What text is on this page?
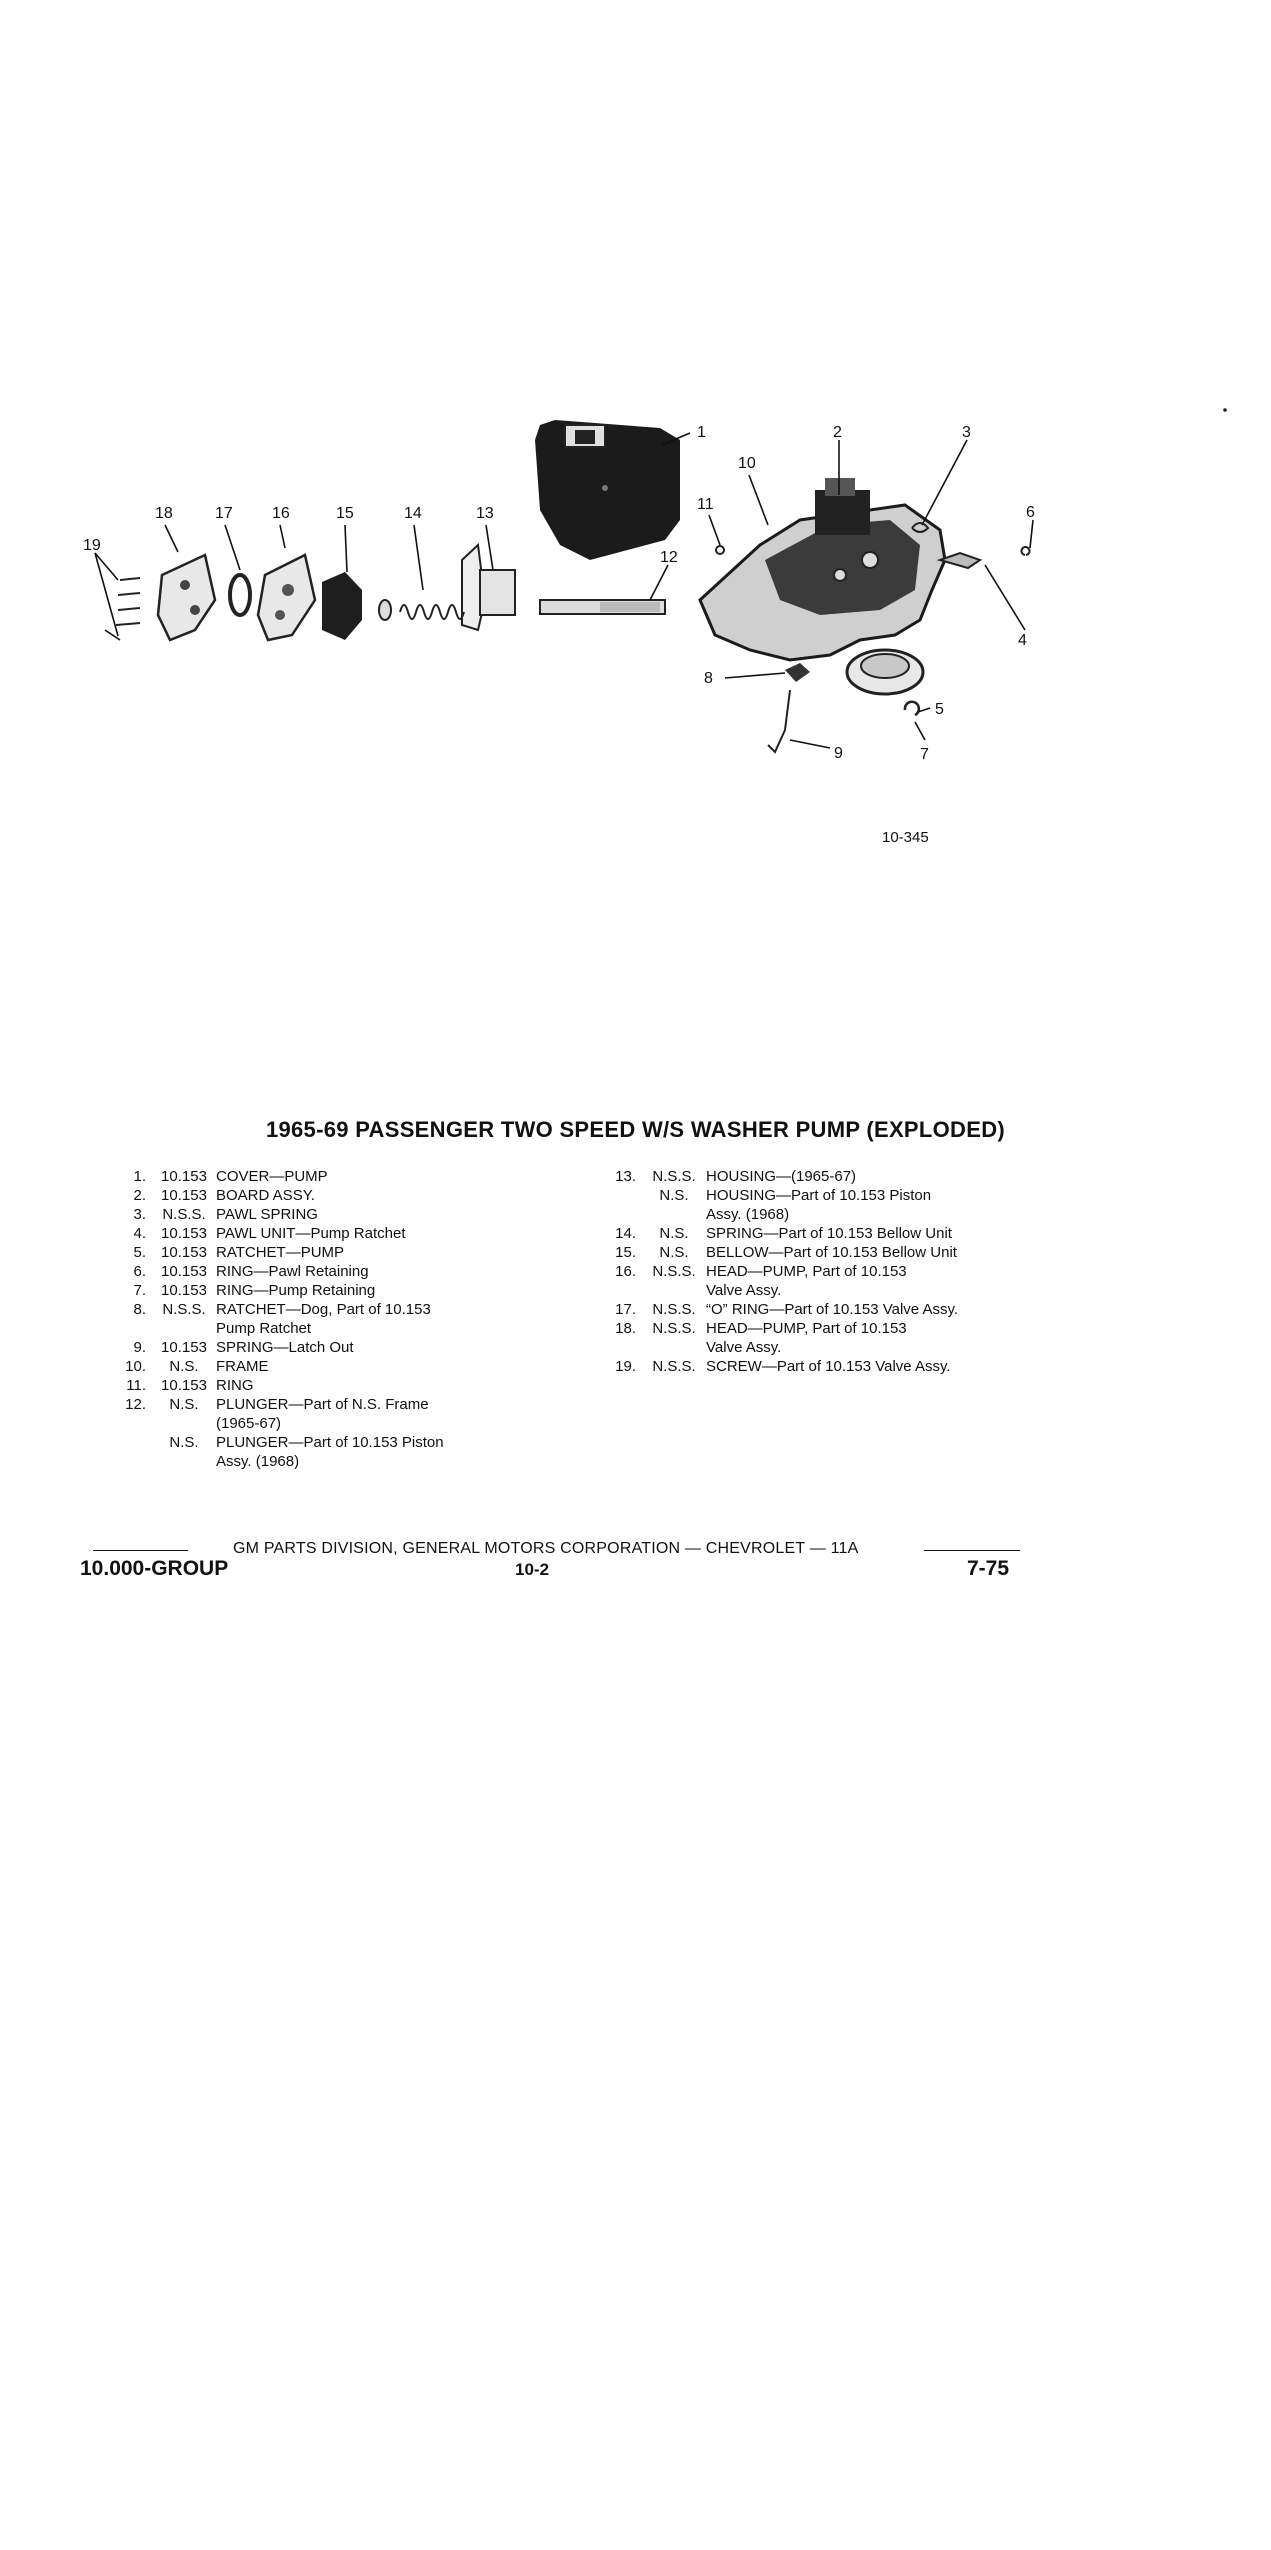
1	2	3
4
5
6
7
8
9
10
11
12
13
14
15
16
17
18
19
10-345
1965-69 PASSENGER TWO SPEED W/S WASHER PUMP (EXPLODED)
1.	10.153 COVER—PUMP
2.	10.153 BOARD ASSY.
3.	N.S.S. PAWL SPRING
4.	10.153 PAWL UNIT—Pump Ratchet
5.	10.153 RATCHET—PUMP
6.	10.153 RING—Pawl Retaining
7.	10.153 RING—Pump Retaining
8.	N.S.S. RATCHET—Dog, Part of 10.153
Pump Ratchet
9.	10.153 SPRING—Latch Out
10.	N.S.	FRAME
11.	10.153 RING
12.	N.S.	PLUNGER—Part of N.S. Frame
(1965-67)
N.S.	PLUNGER—Part of 10.153 Piston
Assy. (1968)
13.	N.S.S. HOUSING—(1965-67)
N.S.	HOUSING—Part of 10.153 Piston
Assy. (1968)
14.	N.S.	SPRING—Part of 10.153 Bellow Unit
15.	N.S.	BELLOW—Part of 10.153 Bellow Unit
16.	N.S.S. HEAD—PUMP, Part of 10.153
Valve Assy.
17.	N.S.S. “O” RING—Part of 10.153 Valve Assy.
18.	N.S.S. HEAD—PUMP, Part of 10.153
Valve Assy.
19.	N.S.S. SCREW—Part of 10.153 Valve Assy.
GM PARTS DIVISION, GENERAL MOTORS CORPORATION — CHEVROLET — 11A
10.000-GROUP	10-2	7-75
